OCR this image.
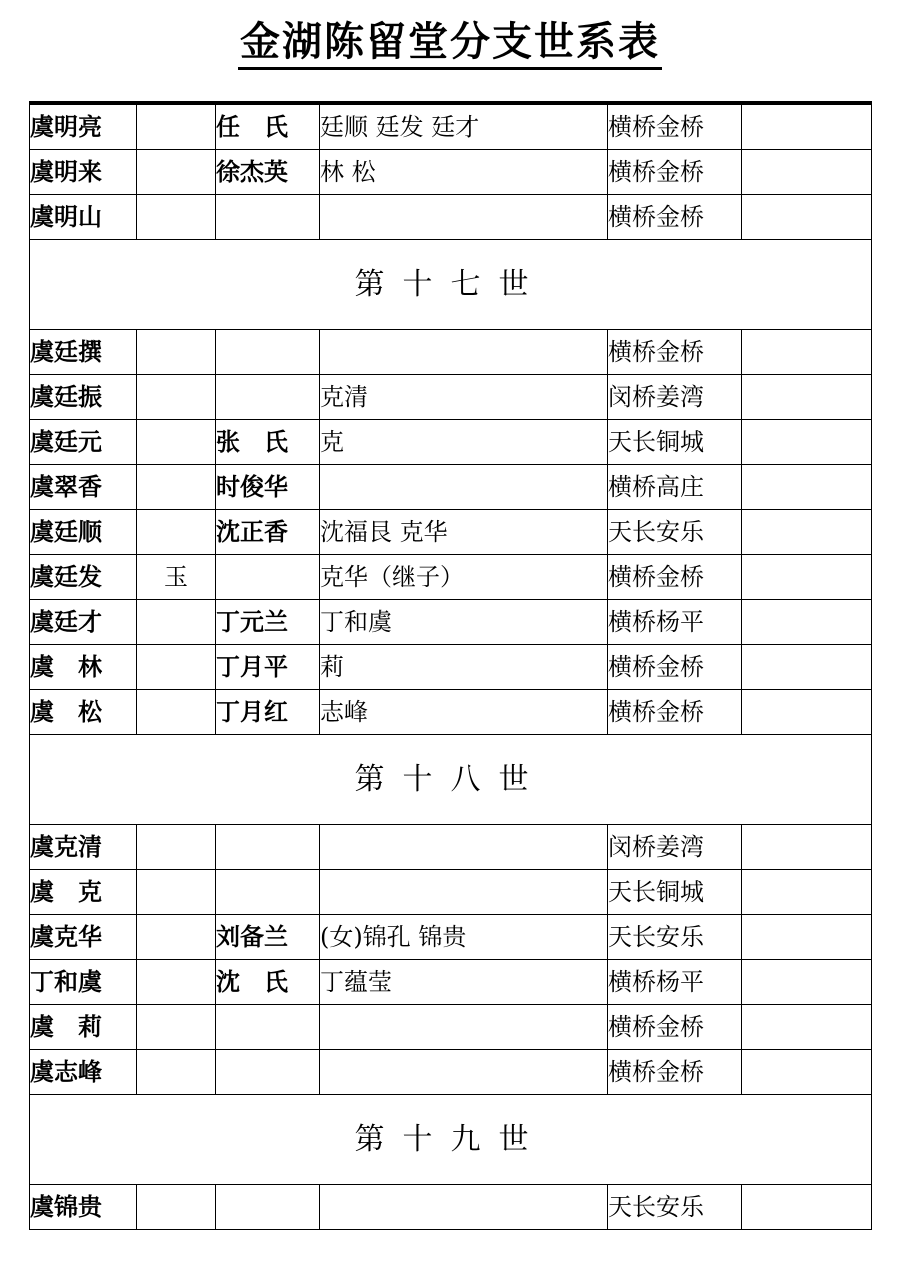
金湖陈留堂分支世系表
虞明亮		任　氏	廷顺 廷发 廷才	横桥金桥	
虞明来		徐杰英	林 松	横桥金桥	
虞明山				横桥金桥	
第十七世					
虞廷撰				横桥金桥	
虞廷振			克清	闵桥姜湾	
虞廷元		张　氏	克	天长铜城	
虞翠香		时俊华		横桥高庄	
虞廷顺		沈正香	沈福艮 克华	天长安乐	
虞廷发	玉		克华（继子）	横桥金桥	
虞廷才		丁元兰	丁和虞	横桥杨平	
虞　林		丁月平	莉	横桥金桥	
虞　松		丁月红	志峰	横桥金桥	
第十八世					
虞克清				闵桥姜湾	
虞　克				天长铜城	
虞克华		刘备兰	(女)锦孔 锦贵	天长安乐	
丁和虞		沈　氏	丁蕴莹	横桥杨平	
虞　莉				横桥金桥	
虞志峰				横桥金桥	
第十九世					
虞锦贵				天长安乐	
